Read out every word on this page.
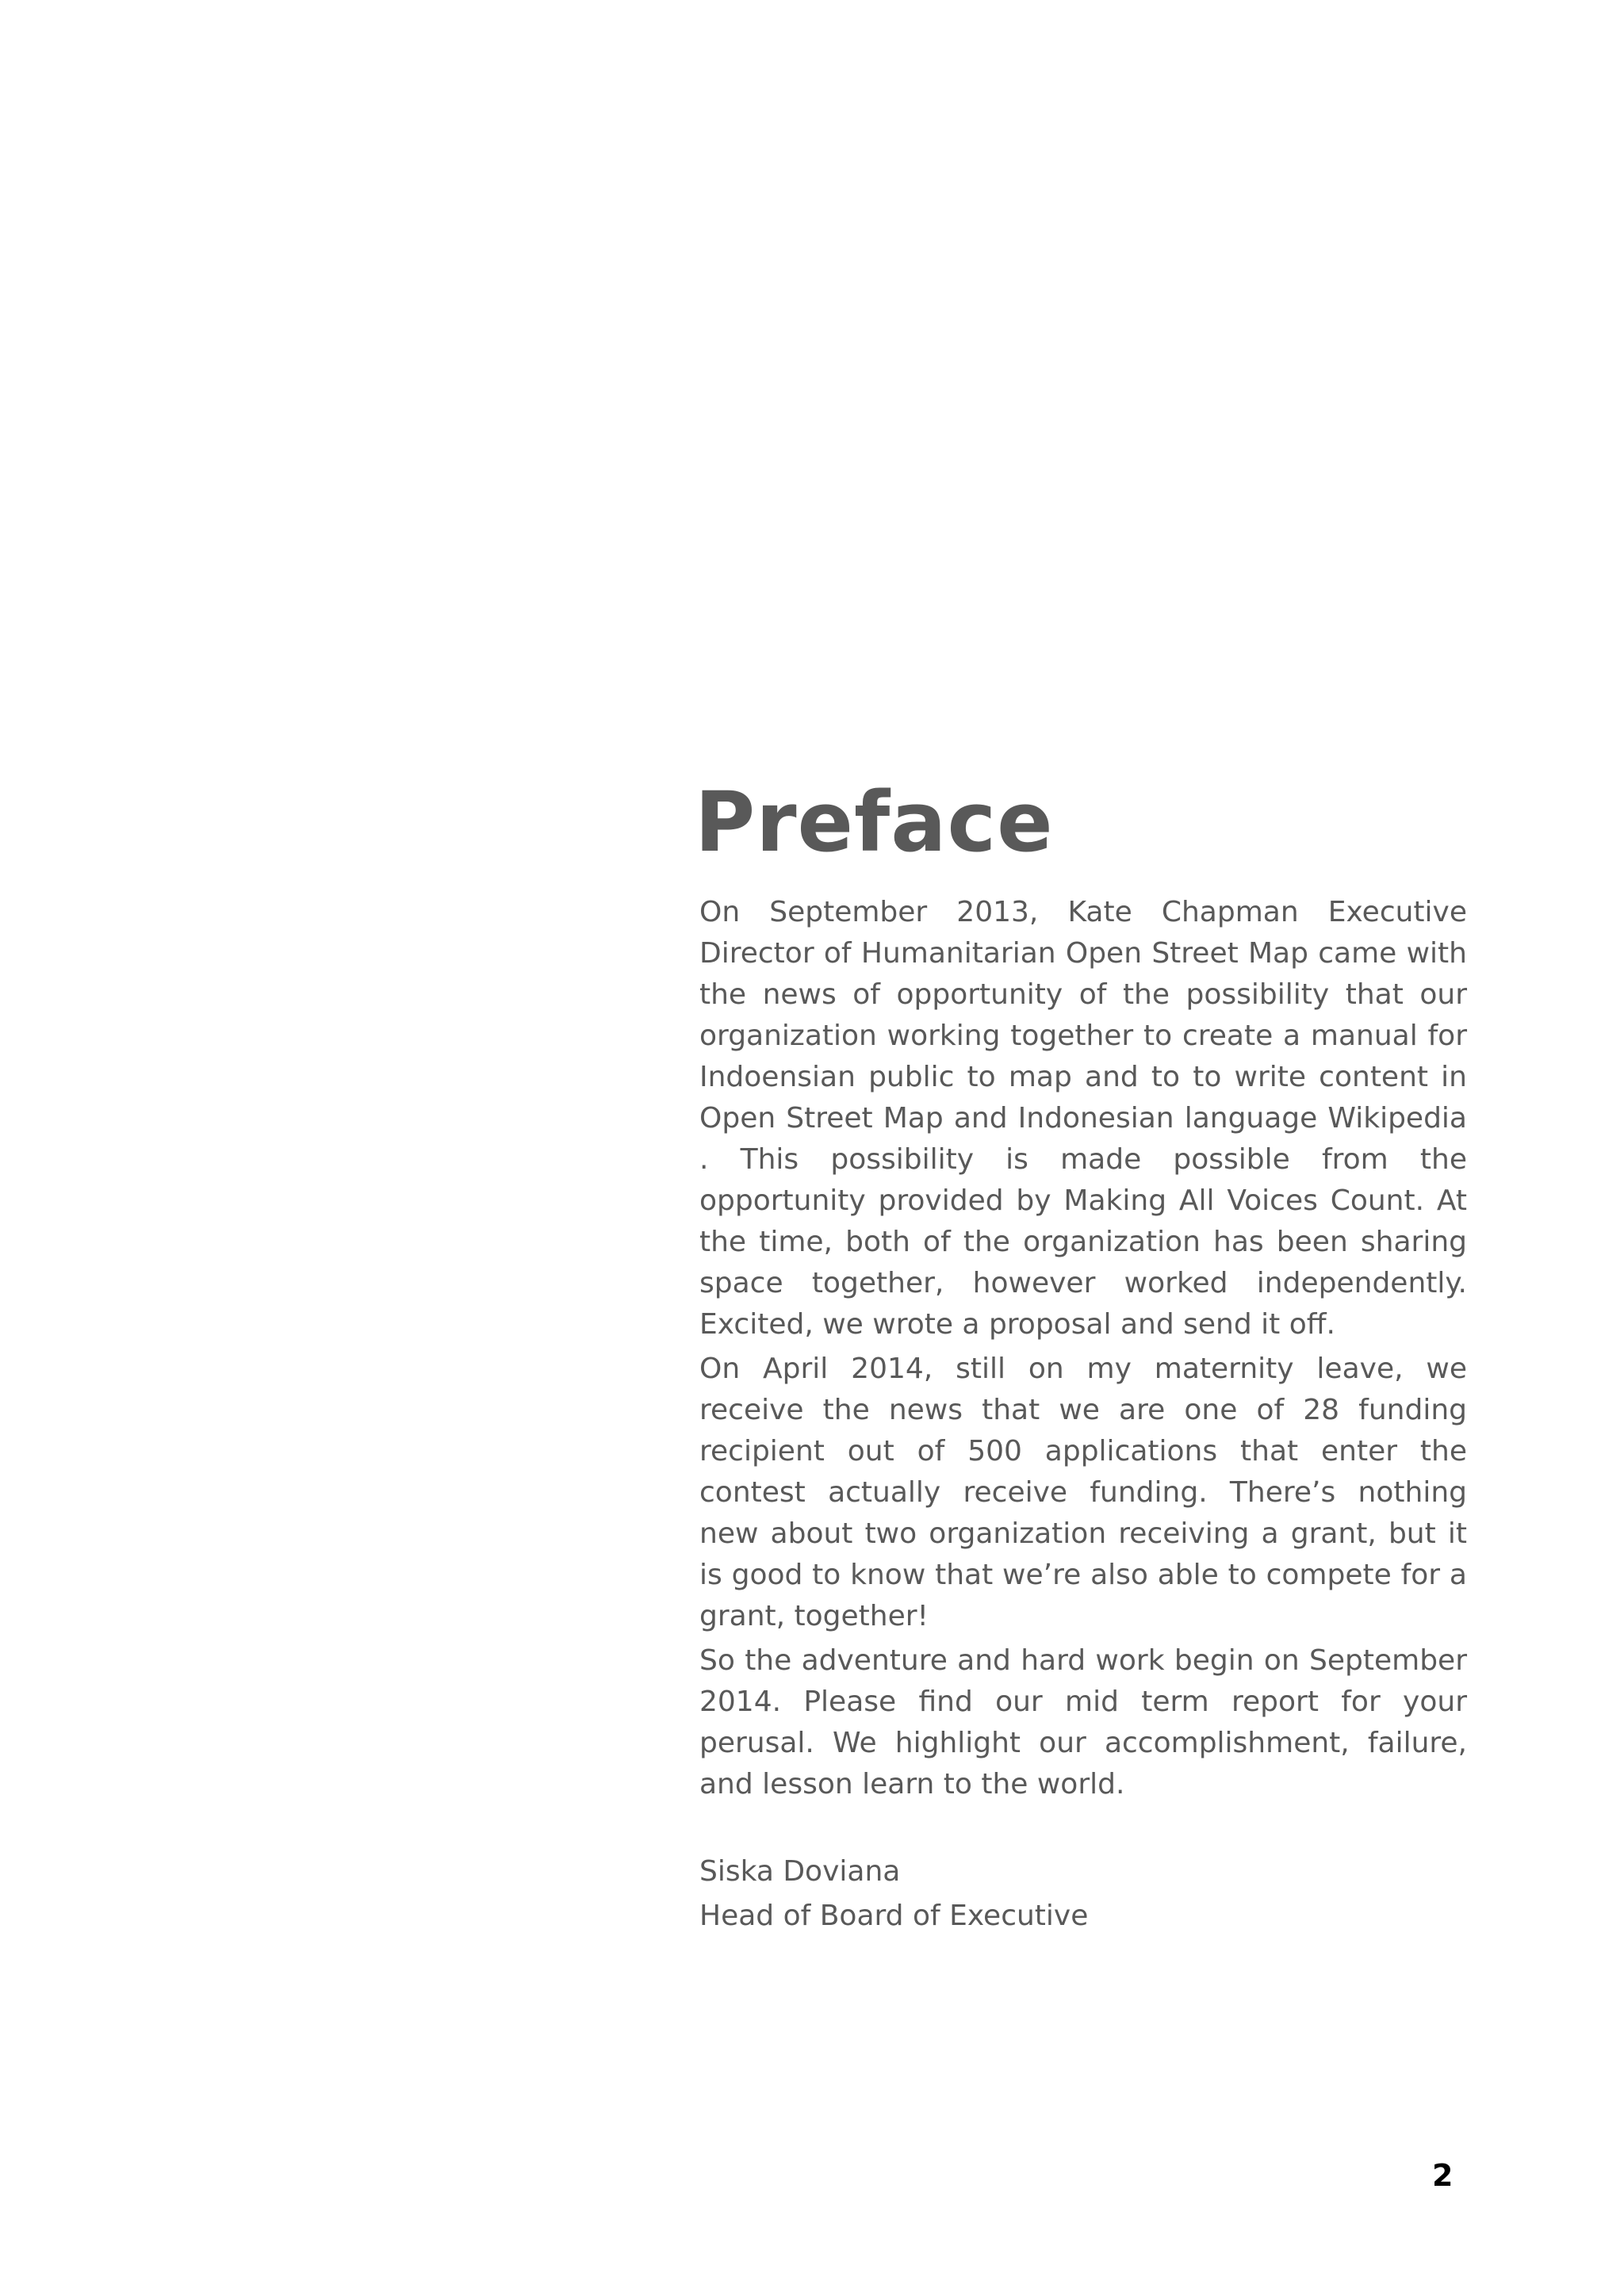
Preface

On September 2013, Kate Chapman Executive Director of Humanitarian Open Street Map came with the news of opportunity of the possibility that our organization working together to create a manual for Indoensian public to map and to to write content in Open Street Map and Indonesian language Wikipedia . This possibility is made possible from the opportunity provided by Making All Voices Count. At the time, both of the organization has been sharing space together, however worked independently. Excited, we wrote a proposal and send it off.

On April 2014, still on my maternity leave, we receive the news that we are one of 28 funding recipient out of 500 applications that enter the contest actually receive funding. There’s nothing new about two organization receiving a grant, but it is good to know that we’re also able to compete for a grant, together!

So the adventure and hard work begin on September 2014. Please find our mid term report for your perusal. We highlight our accomplishment, failure, and lesson learn to the world.

Siska Doviana

Head of Board of Executive

2
